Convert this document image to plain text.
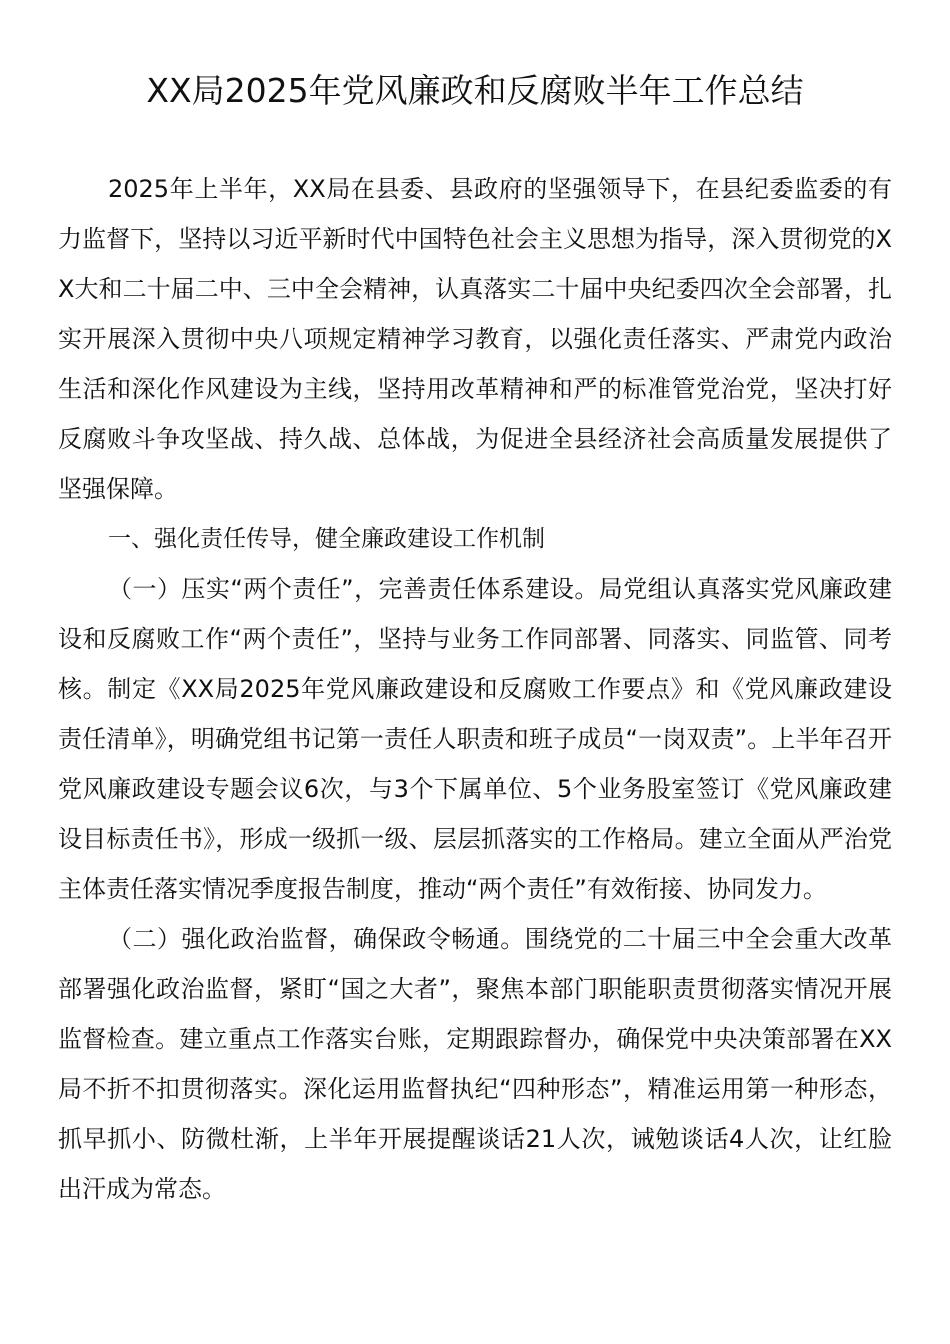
XX局2025年党风廉政和反腐败半年工作总结

2025年上半年，XX局在县委、县政府的坚强领导下，在县纪委监委的有力监督下，坚持以习近平新时代中国特色社会主义思想为指导，深入贯彻党的XX大和二十届二中、三中全会精神，认真落实二十届中央纪委四次全会部署，扎实开展深入贯彻中央八项规定精神学习教育，以强化责任落实、严肃党内政治生活和深化作风建设为主线，坚持用改革精神和严的标准管党治党，坚决打好反腐败斗争攻坚战、持久战、总体战，为促进全县经济社会高质量发展提供了坚强保障。

一、强化责任传导，健全廉政建设工作机制

（一）压实“两个责任”，完善责任体系建设。局党组认真落实党风廉政建设和反腐败工作“两个责任”，坚持与业务工作同部署、同落实、同监管、同考核。制定《XX局2025年党风廉政建设和反腐败工作要点》和《党风廉政建设责任清单》，明确党组书记第一责任人职责和班子成员“一岗双责”。上半年召开党风廉政建设专题会议6次，与3个下属单位、5个业务股室签订《党风廉政建设目标责任书》，形成一级抓一级、层层抓落实的工作格局。建立全面从严治党主体责任落实情况季度报告制度，推动“两个责任”有效衔接、协同发力。

（二）强化政治监督，确保政令畅通。围绕党的二十届三中全会重大改革部署强化政治监督，紧盯“国之大者”，聚焦本部门职能职责贯彻落实情况开展监督检查。建立重点工作落实台账，定期跟踪督办，确保党中央决策部署在XX局不折不扣贯彻落实。深化运用监督执纪“四种形态”，精准运用第一种形态，抓早抓小、防微杜渐，上半年开展提醒谈话21人次，诫勉谈话4人次，让红脸出汗成为常态。
